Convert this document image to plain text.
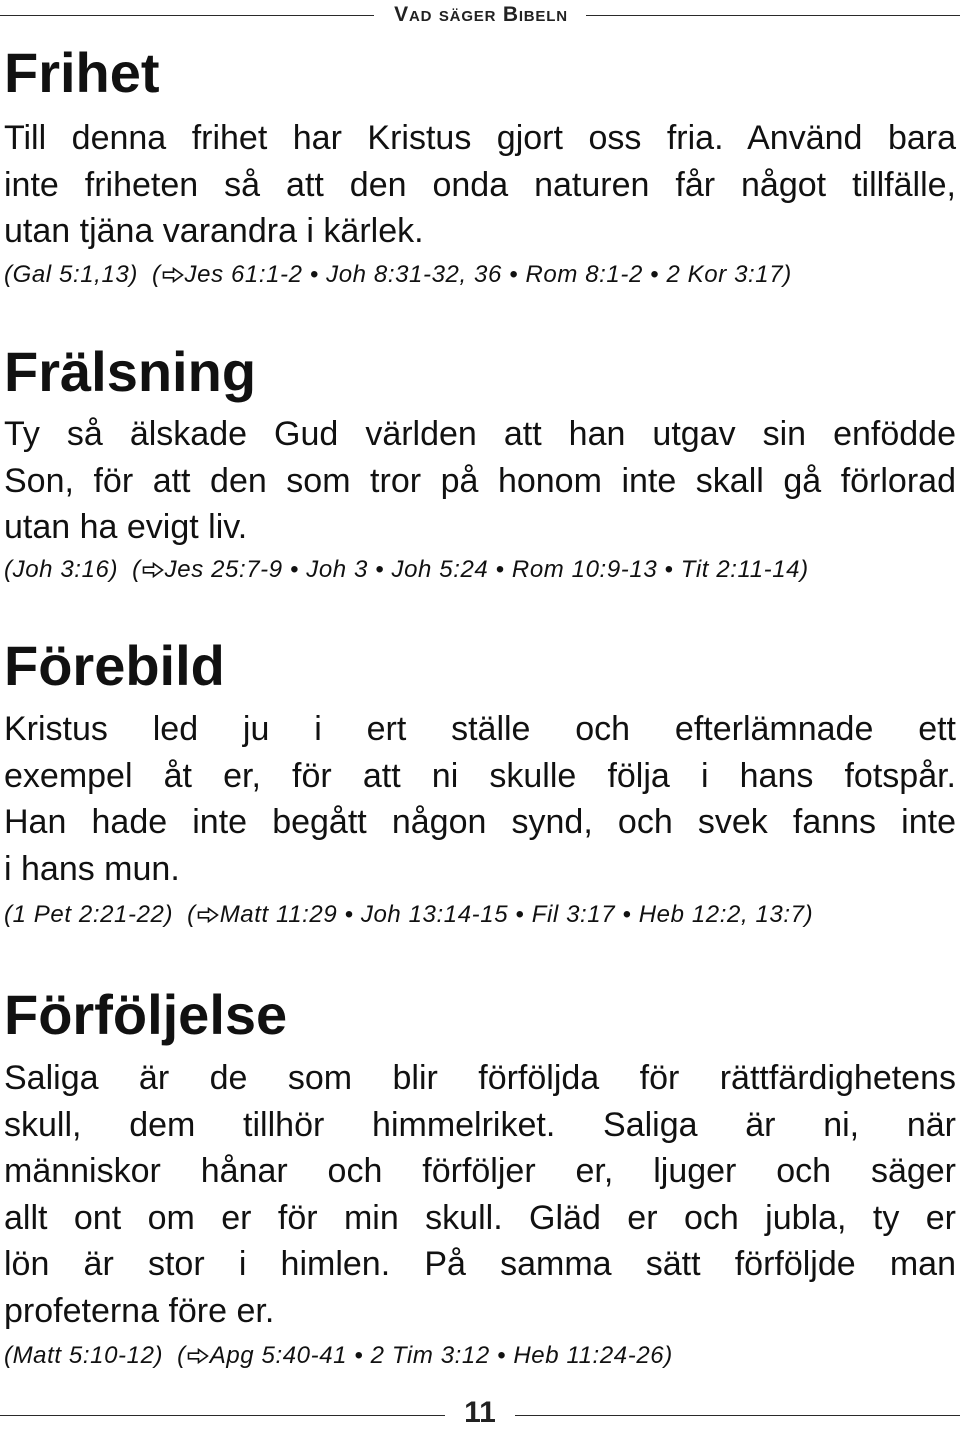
Vad säger Bibeln
Frihet
Till denna frihet har Kristus gjort oss fria. Använd bara
inte friheten så att den onda naturen får något tillfälle,
utan tjäna varandra i kärlek.
(Gal 5:1,13) ( Jes 61:1-2 • Joh 8:31-32, 36 • Rom 8:1-2 • 2 Kor 3:17)
Frälsning
Ty så älskade Gud världen att han utgav sin enfödde
Son, för att den som tror på honom inte skall gå förlorad
utan ha evigt liv.
(Joh 3:16) ( Jes 25:7-9 • Joh 3 • Joh 5:24 • Rom 10:9-13 • Tit 2:11-14)
Förebild
Kristus led ju i ert ställe och efterlämnade ett
exempel åt er, för att ni skulle följa i hans fotspår.
Han hade inte begått någon synd, och svek fanns inte
i hans mun.
(1 Pet 2:21-22) ( Matt 11:29 • Joh 13:14-15 • Fil 3:17 • Heb 12:2, 13:7)
Förföljelse
Saliga är de som blir förföljda för rättfärdighetens
skull, dem tillhör himmelriket. Saliga är ni, när
människor hånar och förföljer er, ljuger och säger
allt ont om er för min skull. Gläd er och jubla, ty er
lön är stor i himlen. På samma sätt förföljde man
profeterna före er.
(Matt 5:10-12) ( Apg 5:40-41 • 2 Tim 3:12 • Heb 11:24-26)
11
